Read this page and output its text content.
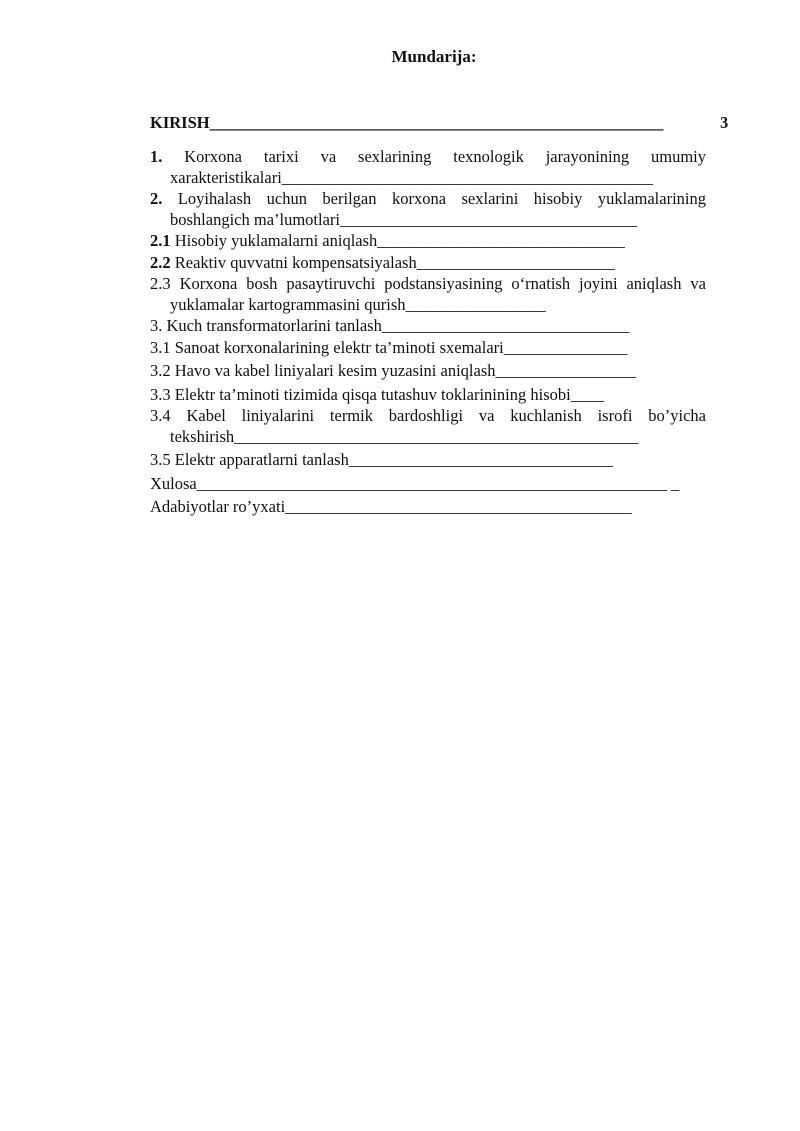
Mundarija:
KIRISH_______________________________________________________	3
1. Korxona tarixi va sexlarining texnologik jarayonining umumiy xarakteristikalari_____________________________________________
2. Loyihalash uchun berilgan korxona sexlarini hisobiy yuklamalarining boshlangich ma’lumotlari____________________________________
2.1 Hisobiy yuklamalarni aniqlash______________________________
2.2 Reaktiv quvvatni kompensatsiyalash________________________
2.3 Korxona bosh pasaytiruvchi podstansiyasining oʻrnatish joyini aniqlash va yuklamalar kartogrammasini qurish_________________
3. Kuch transformatorlarini tanlash______________________________
3.1 Sanoat korxonalarining elektr ta’minoti sxemalari_______________
3.2 Havo va kabel liniyalari kesim yuzasini aniqlash_________________
3.3 Elektr ta’minoti tizimida qisqa tutashuv toklarinining hisobi____
3.4 Kabel liniyalarini termik bardoshligi va kuchlanish isrofi bo’yicha tekshirish_________________________________________________
3.5 Elektr apparatlarni tanlash________________________________
Xulosa_________________________________________________________ _
Adabiyotlar ro’yxati__________________________________________
